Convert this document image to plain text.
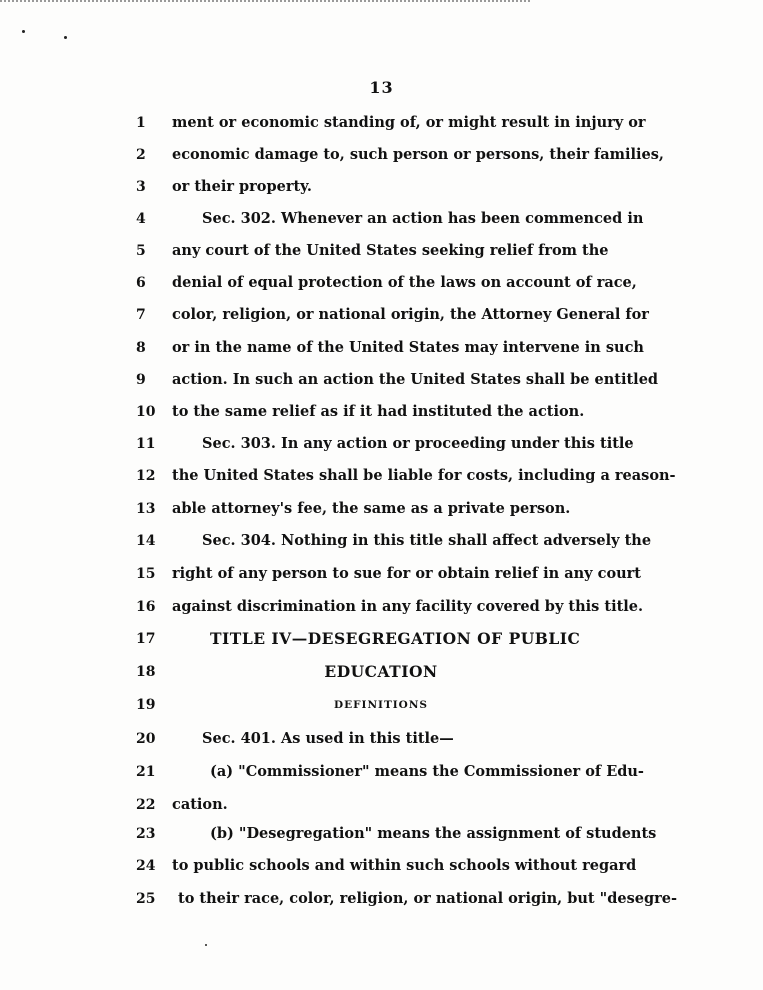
13
1	ment or economic standing of, or might result in injury or
2	economic damage to, such person or persons, their families,
3	or their property.
4	Sec. 302. Whenever an action has been commenced in
5	any court of the United States seeking relief from the
6	denial of equal protection of the laws on account of race,
7	color, religion, or national origin, the Attorney General for
8	or in the name of the United States may intervene in such
9	action. In such an action the United States shall be entitled
10	to the same relief as if it had instituted the action.
11	Sec. 303. In any action or proceeding under this title
12	the United States shall be liable for costs, including a reason-
13	able attorney's fee, the same as a private person.
14	Sec. 304. Nothing in this title shall affect adversely the
15	right of any person to sue for or obtain relief in any court
16	against discrimination in any facility covered by this title.
17	TITLE IV—DESEGREGATION OF PUBLIC
18	EDUCATION
19	DEFINITIONS
20	Sec. 401. As used in this title—
21	(a) "Commissioner" means the Commissioner of Edu-
22	cation.
23	(b) "Desegregation" means the assignment of students
24	to public schools and within such schools without regard
25	to their race, color, religion, or national origin, but "desegre-
